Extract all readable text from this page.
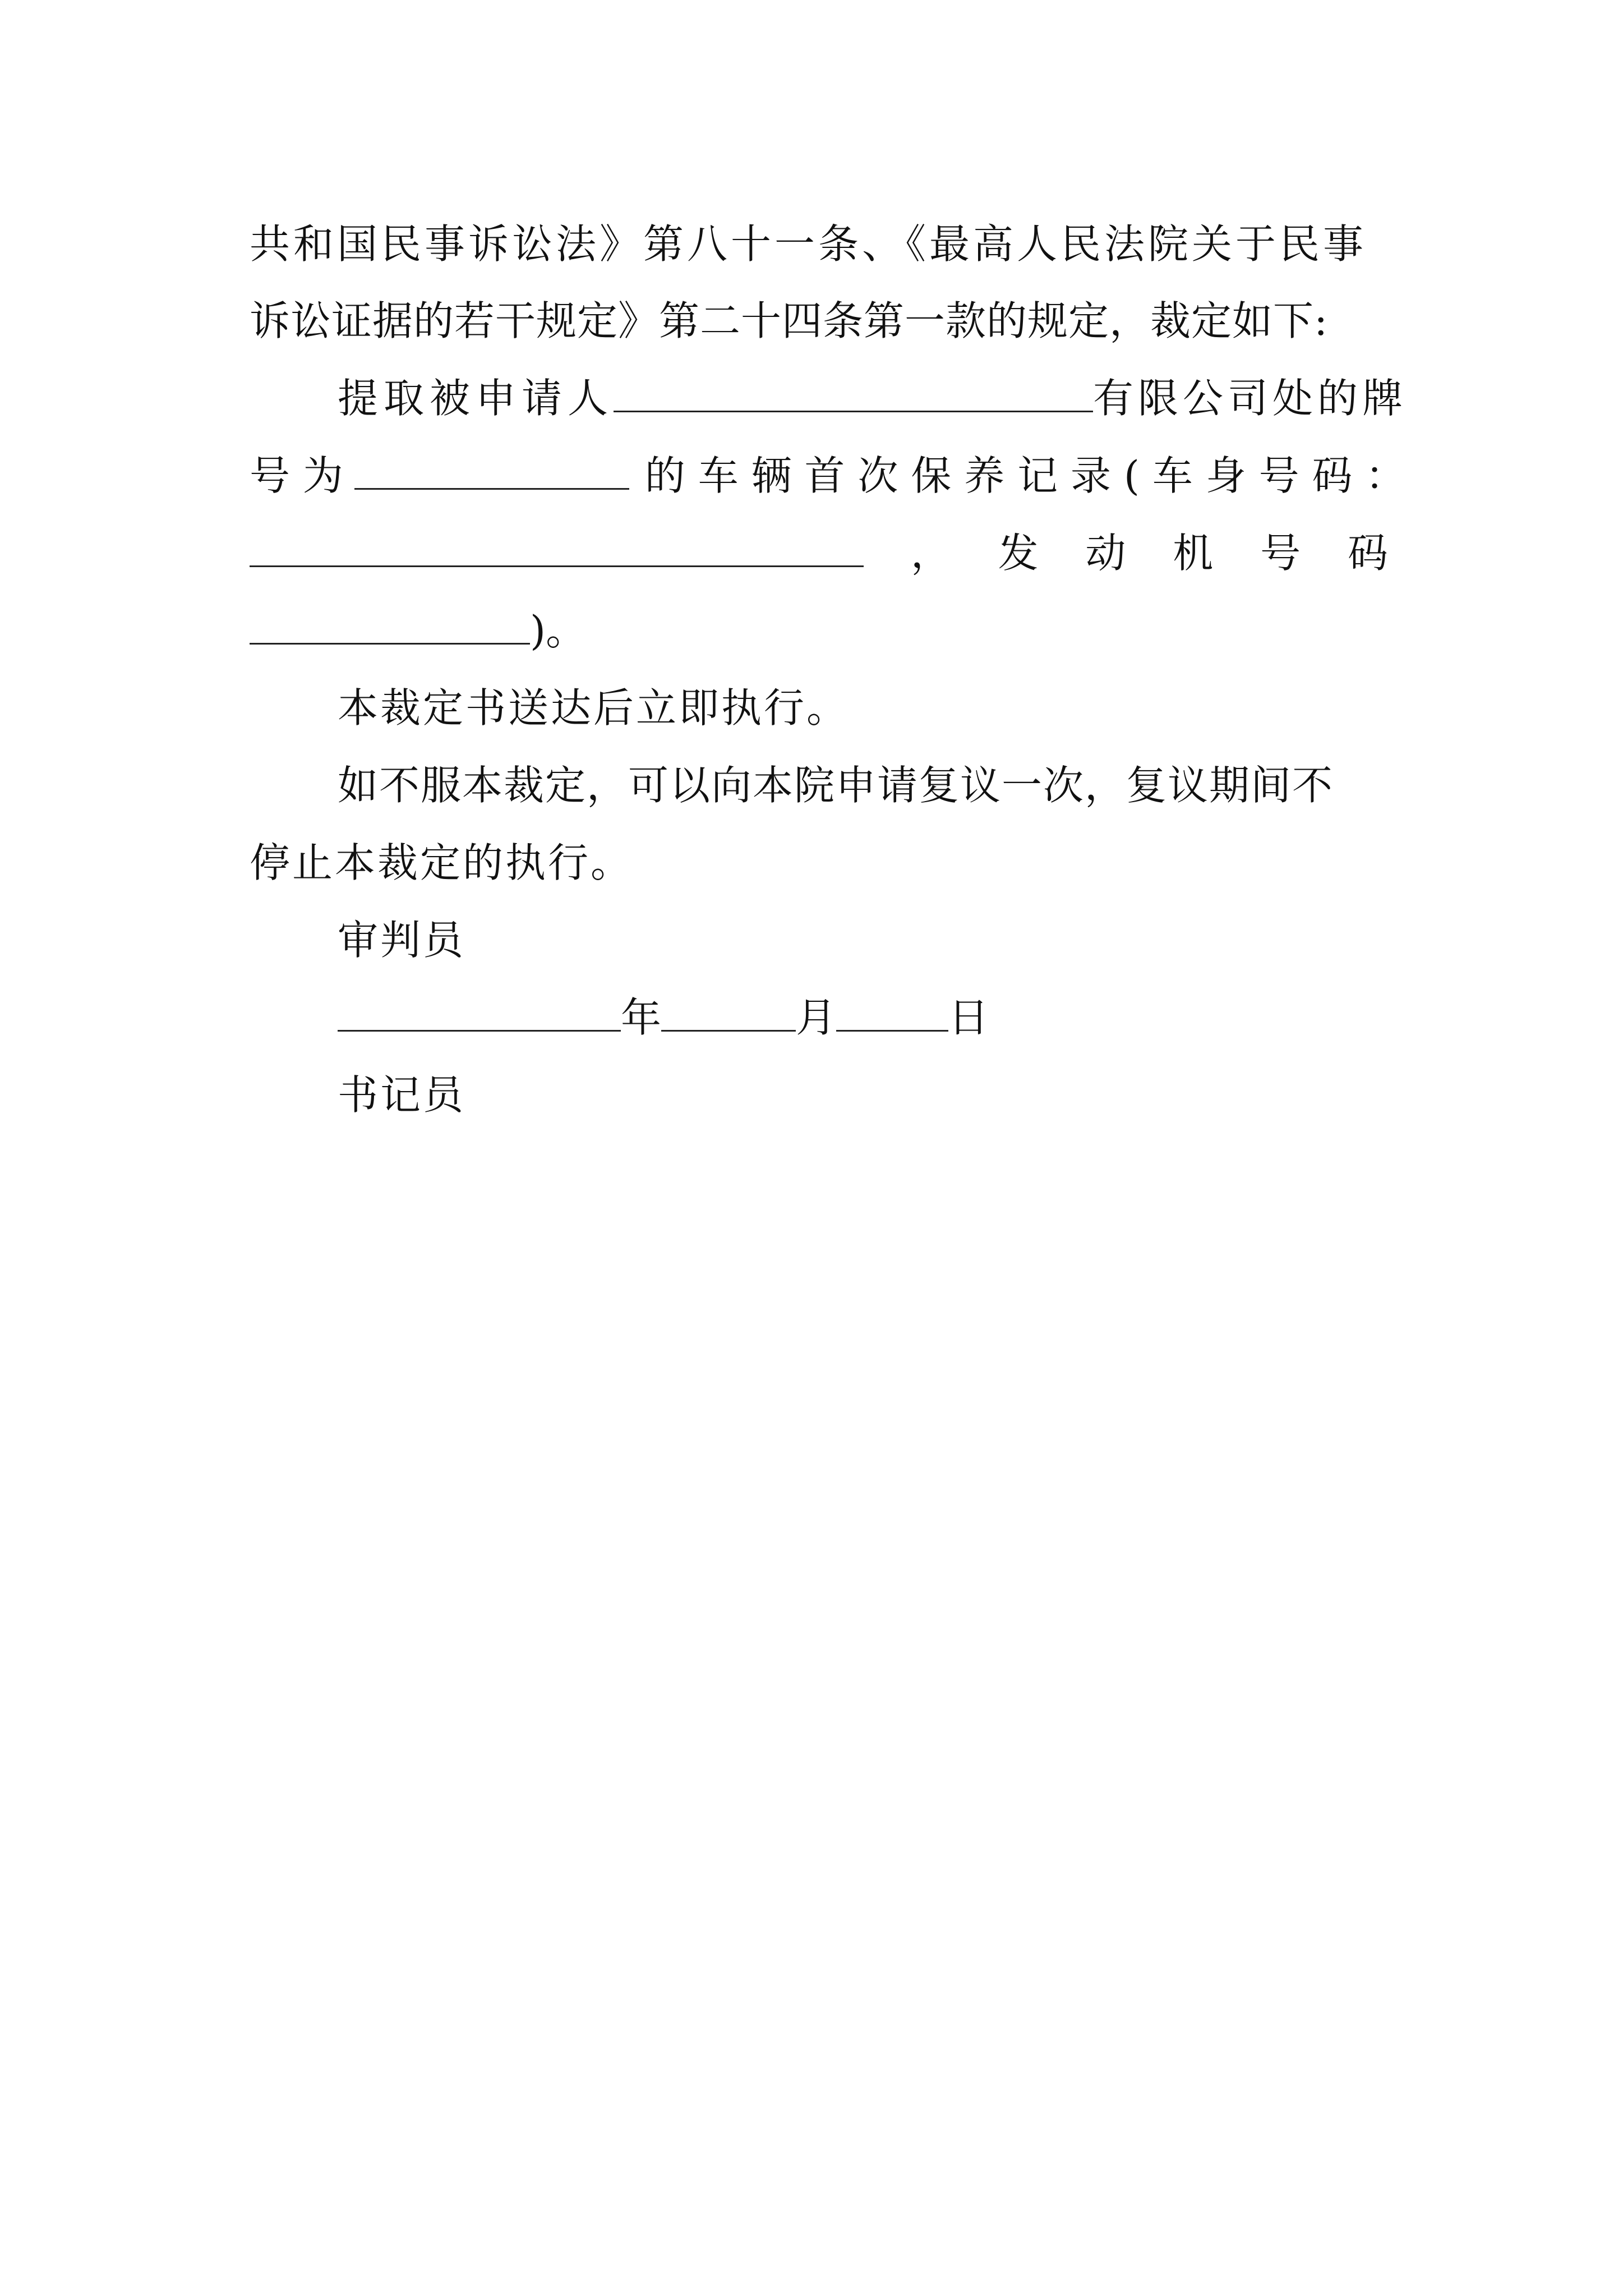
共和国民事诉讼法》第八十一条、《最高人民法院关于民事
诉讼证据的若干规定》第二十四条第一款的规定，裁定如下:
提取被申请人	有限公司处的牌
号 为	的 车 辆 首 次 保 养 记 录 ( 车 身 号 码 ：
， 发 动 机 号 码
)。
本裁定书送达后立即执行。
如不服本裁定，可以向本院申请复议一次，复议期间不
停止本裁定的执行。
审判员
年	月	日
书记员
